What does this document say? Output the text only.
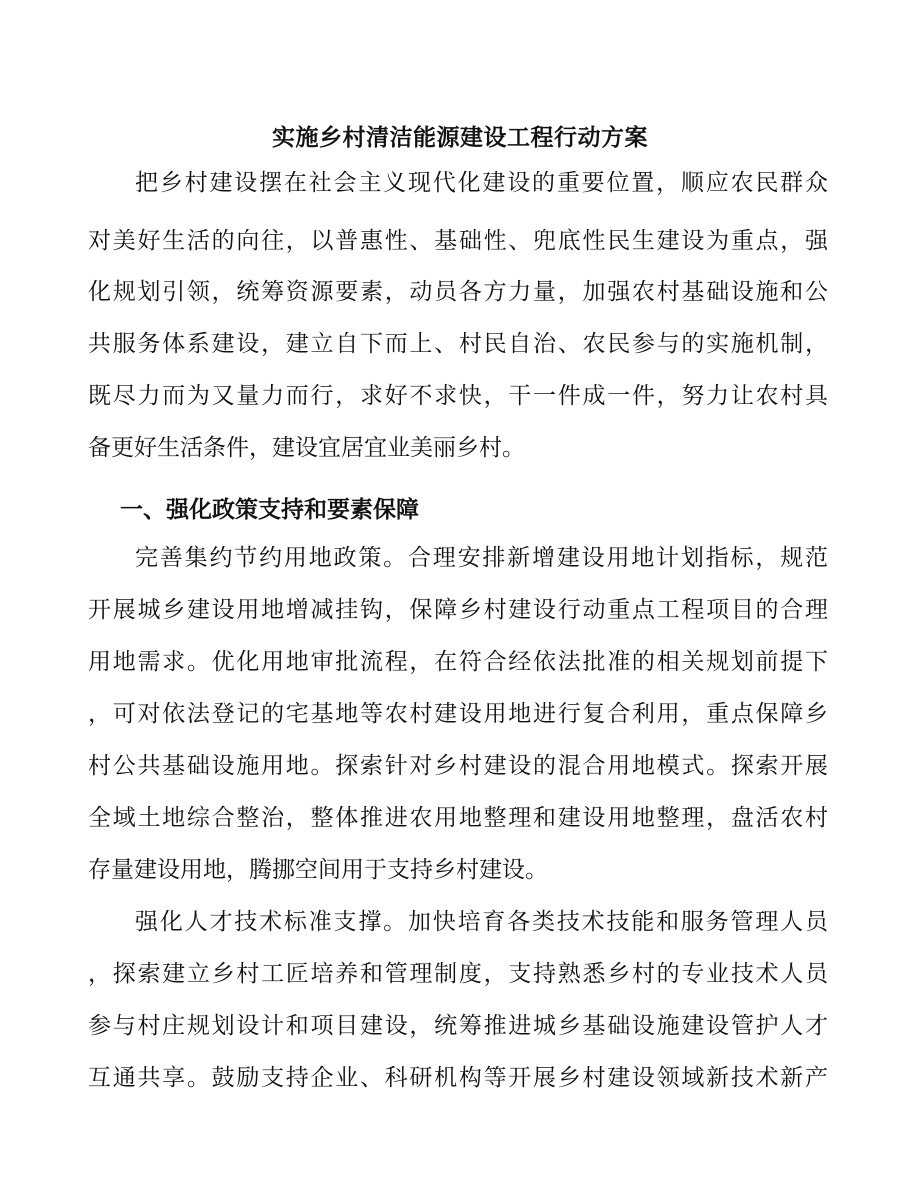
实施乡村清洁能源建设工程行动方案
把乡村建设摆在社会主义现代化建设的重要位置，顺应农民群众
对美好生活的向往，以普惠性、基础性、兜底性民生建设为重点，强
化规划引领，统筹资源要素，动员各方力量，加强农村基础设施和公
共服务体系建设，建立自下而上、村民自治、农民参与的实施机制，
既尽力而为又量力而行，求好不求快，干一件成一件，努力让农村具
备更好生活条件，建设宜居宜业美丽乡村。
一、强化政策支持和要素保障
完善集约节约用地政策。合理安排新增建设用地计划指标，规范
开展城乡建设用地增减挂钩，保障乡村建设行动重点工程项目的合理
用地需求。优化用地审批流程，在符合经依法批准的相关规划前提下
，可对依法登记的宅基地等农村建设用地进行复合利用，重点保障乡
村公共基础设施用地。探索针对乡村建设的混合用地模式。探索开展
全域土地综合整治，整体推进农用地整理和建设用地整理，盘活农村
存量建设用地，腾挪空间用于支持乡村建设。
强化人才技术标准支撑。加快培育各类技术技能和服务管理人员
，探索建立乡村工匠培养和管理制度，支持熟悉乡村的专业技术人员
参与村庄规划设计和项目建设，统筹推进城乡基础设施建设管护人才
互通共享。鼓励支持企业、科研机构等开展乡村建设领域新技术新产
